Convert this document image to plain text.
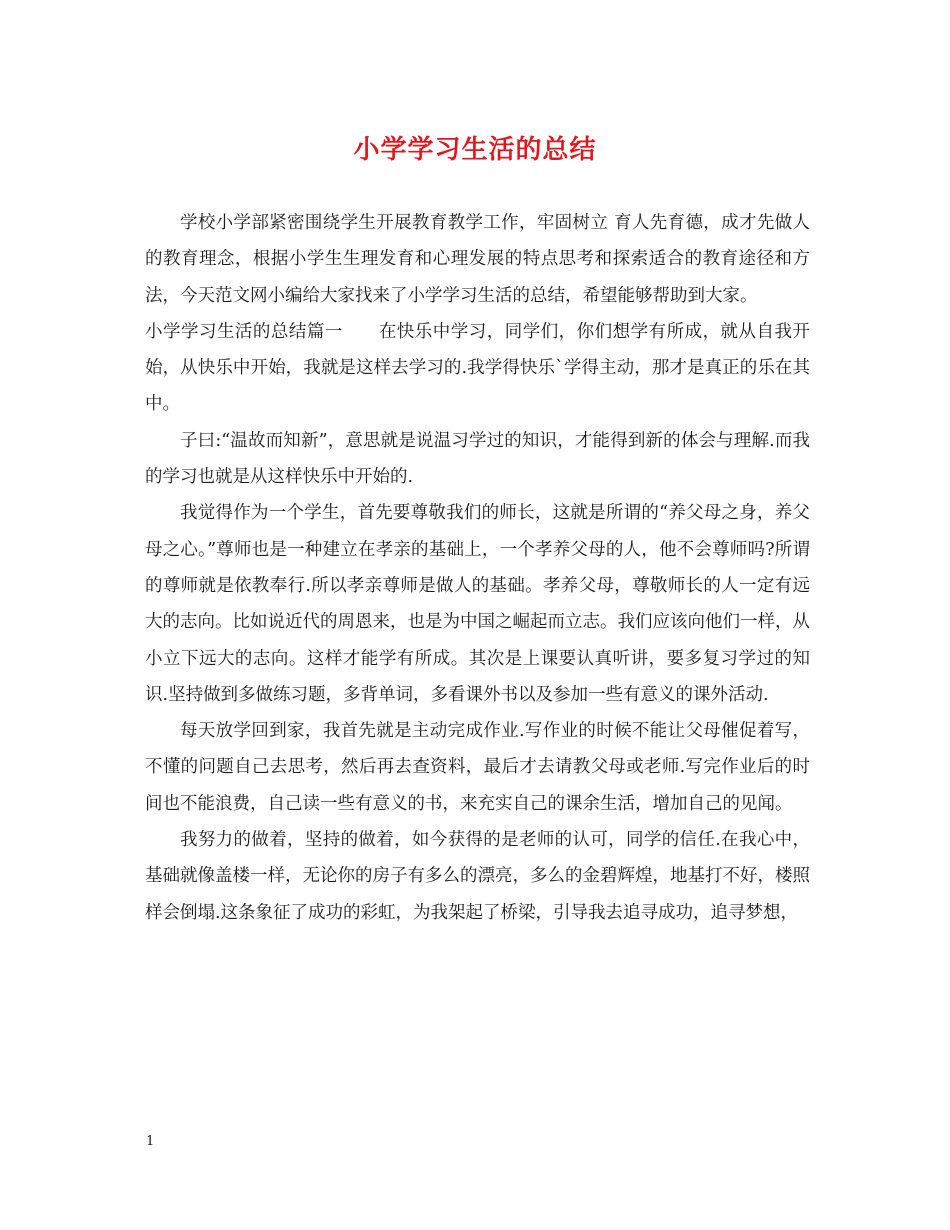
小学学习生活的总结

学校小学部紧密围绕学生开展教育教学工作，牢固树立 育人先育德，成才先做人 的教育理念，根据小学生生理发育和心理发展的特点思考和探索适合的教育途径和方法，今天范文网小编给大家找来了小学学习生活的总结，希望能够帮助到大家。

小学学习生活的总结篇一　　在快乐中学习，同学们，你们想学有所成，就从自我开始，从快乐中开始，我就是这样去学习的.我学得快乐`学得主动，那才是真正的乐在其中。

子曰:“温故而知新”，意思就是说温习学过的知识，才能得到新的体会与理解.而我的学习也就是从这样快乐中开始的.

我觉得作为一个学生，首先要尊敬我们的师长，这就是所谓的“养父母之身，养父母之心。”尊师也是一种建立在孝亲的基础上，一个孝养父母的人，他不会尊师吗?所谓的尊师就是依教奉行.所以孝亲尊师是做人的基础。孝养父母，尊敬师长的人一定有远大的志向。比如说近代的周恩来，也是为中国之崛起而立志。我们应该向他们一样，从小立下远大的志向。这样才能学有所成。其次是上课要认真听讲，要多复习学过的知识.坚持做到多做练习题，多背单词，多看课外书以及参加一些有意义的课外活动.

每天放学回到家，我首先就是主动完成作业.写作业的时候不能让父母催促着写，不懂的问题自己去思考，然后再去查资料，最后才去请教父母或老师.写完作业后的时间也不能浪费，自己读一些有意义的书，来充实自己的课余生活，增加自己的见闻。

我努力的做着，坚持的做着，如今获得的是老师的认可，同学的信任.在我心中，基础就像盖楼一样，无论你的房子有多么的漂亮，多么的金碧辉煌，地基打不好，楼照样会倒塌.这条象征了成功的彩虹，为我架起了桥梁，引导我去追寻成功，追寻梦想，

1
